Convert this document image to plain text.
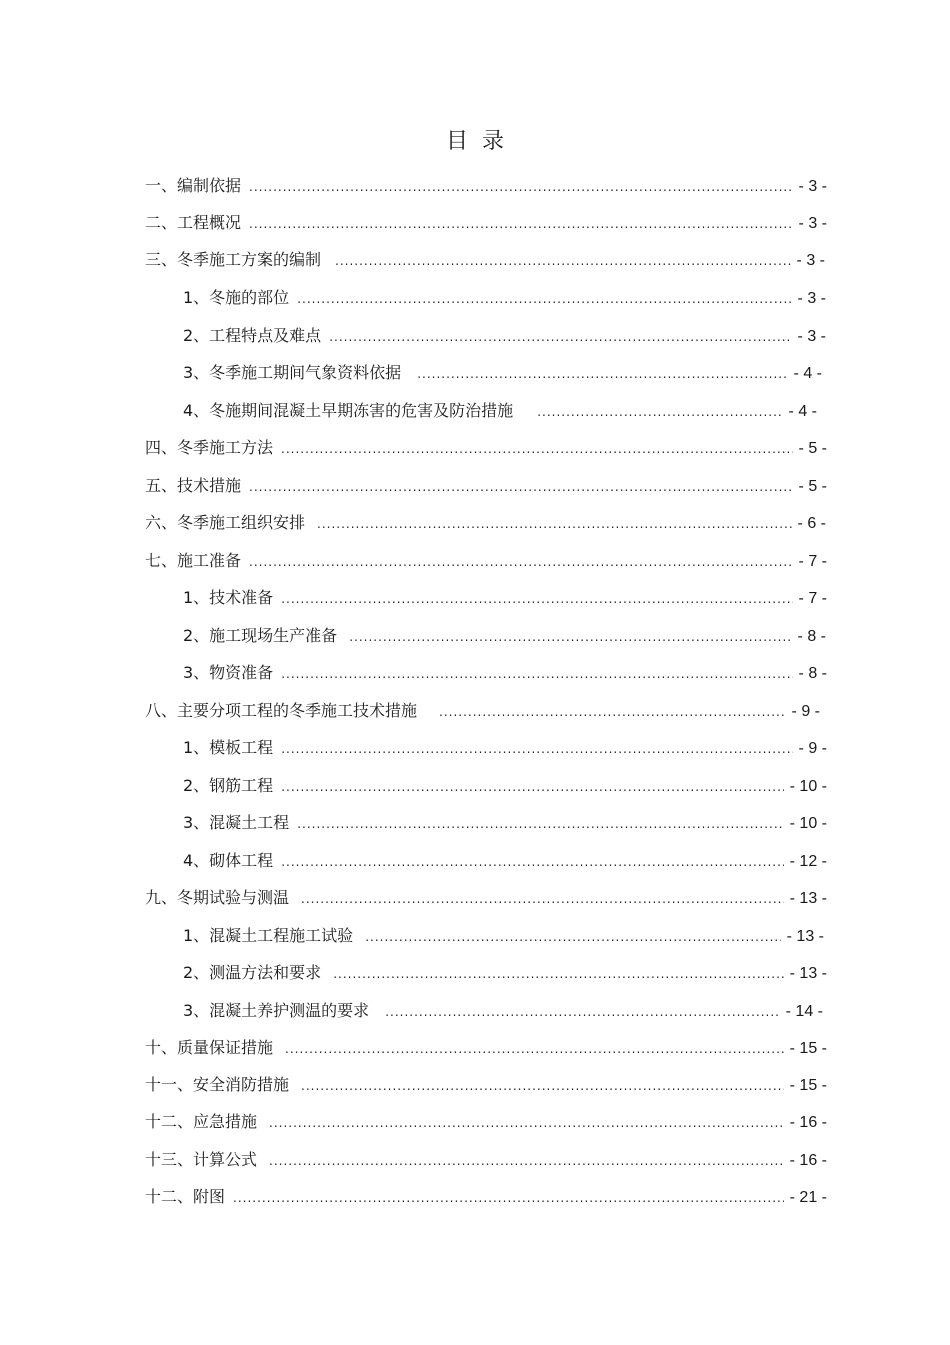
目  录
一、编制依据 .....	- 3 -
二、工程概况 .....	- 3 -
三、冬季施工方案的编制 .....	- 3 -
1、冬施的部位 .....	- 3 -
2、工程特点及难点 .....	- 3 -
3、冬季施工期间气象资料依据 .....	- 4 -
4、冬施期间混凝土早期冻害的危害及防治措施 .....	- 4 -
四、冬季施工方法 .....	- 5 -
五、技术措施 .....	- 5 -
六、冬季施工组织安排 .....	- 6 -
七、施工准备 .....	- 7 -
1、技术准备 .....	- 7 -
2、施工现场生产准备 .....	- 8 -
3、物资准备 .....	- 8 -
八、主要分项工程的冬季施工技术措施 .....	- 9 -
1、模板工程 .....	- 9 -
2、钢筋工程 .....	- 10 -
3、混凝土工程 .....	- 10 -
4、砌体工程 .....	- 12 -
九、冬期试验与测温 .....	- 13 -
1、混凝土工程施工试验 .....	- 13 -
2、测温方法和要求 .....	- 13 -
3、混凝土养护测温的要求 .....	- 14 -
十、质量保证措施 .....	- 15 -
十一、安全消防措施 .....	- 15 -
十二、应急措施 .....	- 16 -
十三、计算公式 .....	- 16 -
十二、附图 .....	- 21 -
